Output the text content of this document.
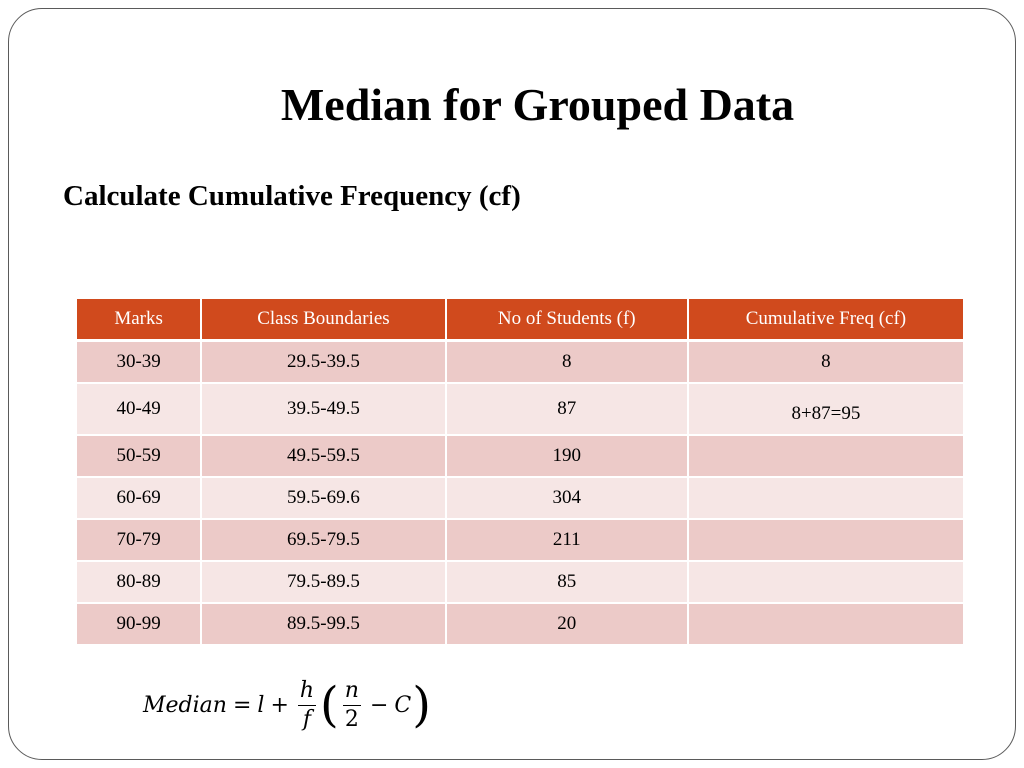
Median for Grouped Data
Calculate Cumulative Frequency (cf)
Marks	Class Boundaries	No of Students (f)	Cumulative Freq (cf)
30-39	29.5-39.5	8	8
40-49	39.5-49.5	87	8+87=95
50-59	49.5-59.5	190	
60-69	59.5-69.6	304	
70-79	69.5-79.5	211	
80-89	79.5-89.5	85	
90-99	89.5-99.5	20	
Median = $l + \frac{h}{f}$ ( $\frac{n}{2} - C$ )
